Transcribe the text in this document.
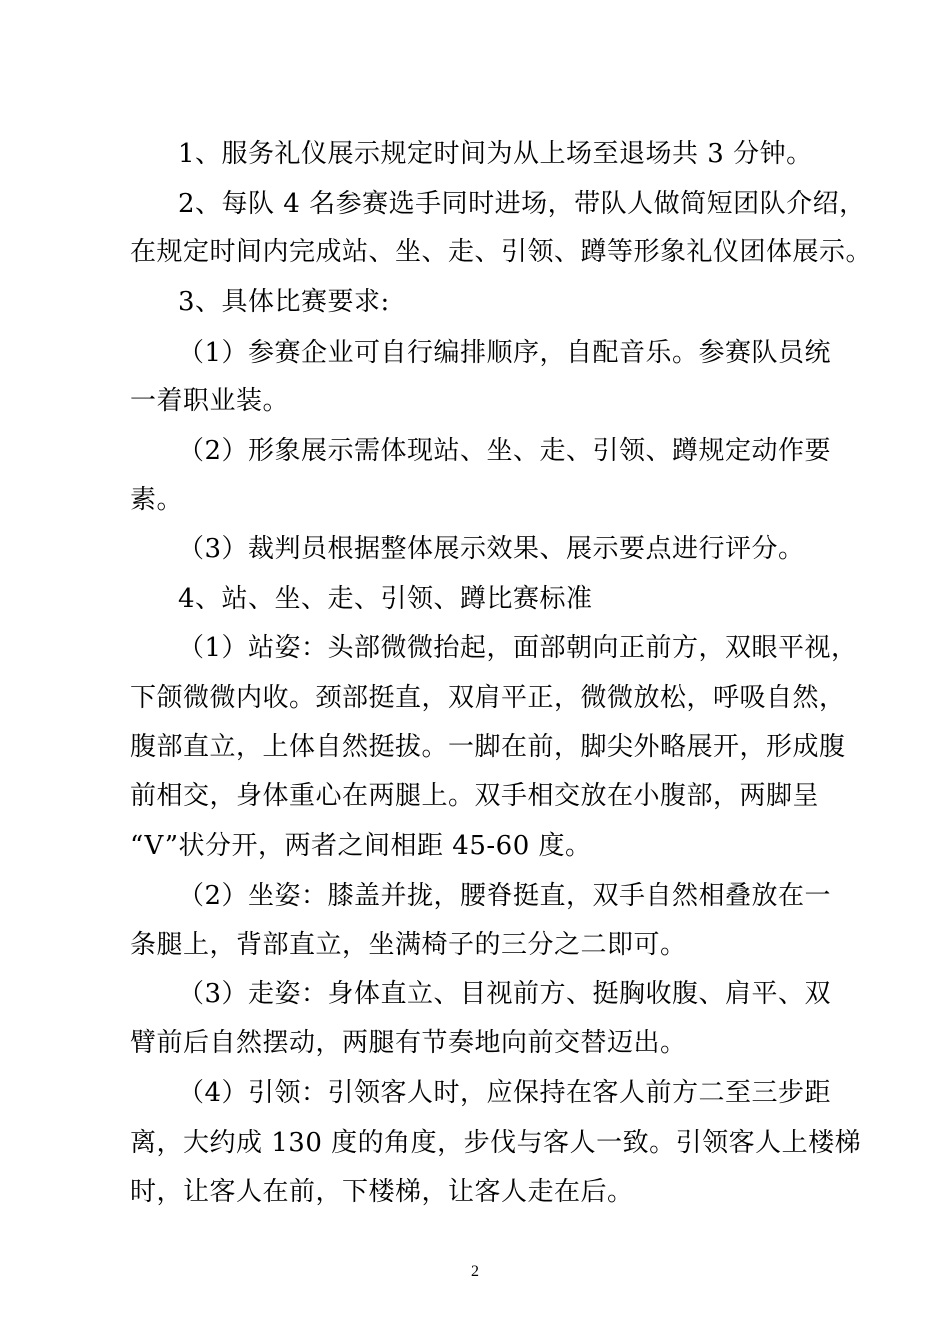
1、服务礼仪展示规定时间为从上场至退场共 3 分钟。
2、每队 4 名参赛选手同时进场，带队人做简短团队介绍，
在规定时间内完成站、坐、走、引领、蹲等形象礼仪团体展示。
3、具体比赛要求:
（1）参赛企业可自行编排顺序，自配音乐。参赛队员统
一着职业装。
（2）形象展示需体现站、坐、走、引领、蹲规定动作要
素。
（3）裁判员根据整体展示效果、展示要点进行评分。
4、站、坐、走、引领、蹲比赛标准
（1）站姿：头部微微抬起，面部朝向正前方，双眼平视，
下颌微微内收。颈部挺直，双肩平正，微微放松，呼吸自然，
腹部直立，上体自然挺拔。一脚在前，脚尖外略展开，形成腹
前相交，身体重心在两腿上。双手相交放在小腹部，两脚呈
“V”状分开，两者之间相距 45-60 度。
（2）坐姿：膝盖并拢，腰脊挺直，双手自然相叠放在一
条腿上，背部直立，坐满椅子的三分之二即可。
（3）走姿：身体直立、目视前方、挺胸收腹、肩平、双
臂前后自然摆动，两腿有节奏地向前交替迈出。
（4）引领：引领客人时，应保持在客人前方二至三步距
离，大约成 130 度的角度，步伐与客人一致。引领客人上楼梯
时，让客人在前，下楼梯，让客人走在后。
2
